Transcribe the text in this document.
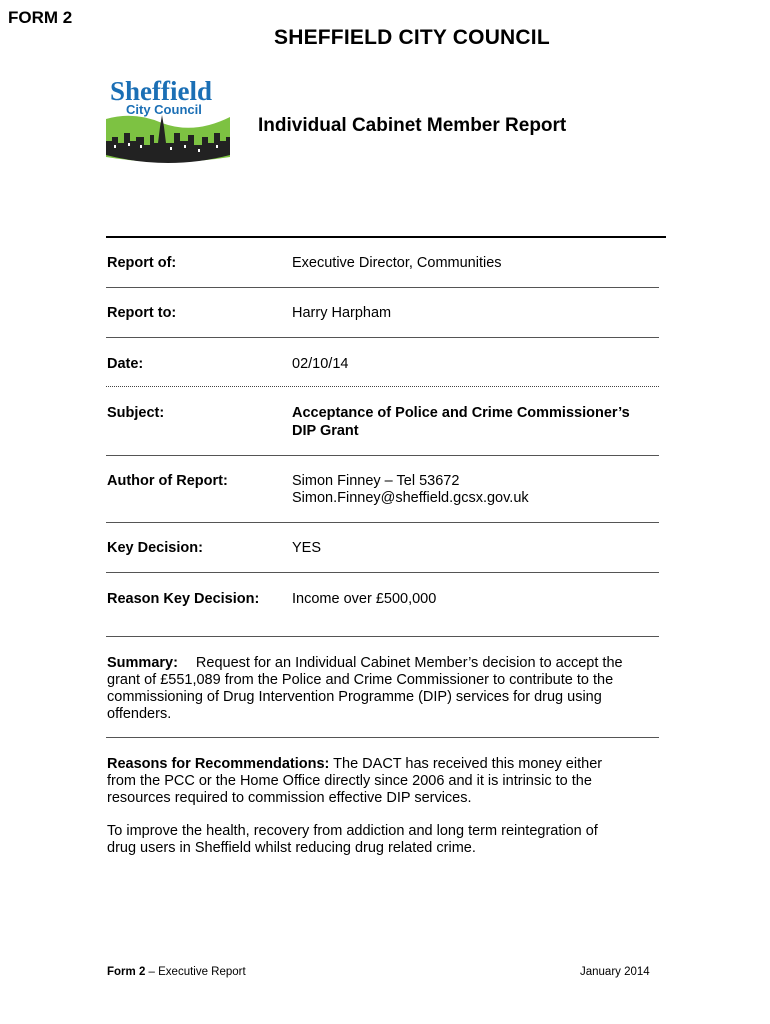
FORM 2
SHEFFIELD CITY COUNCIL
Sheffield
City Council
Individual Cabinet Member Report
Report of:	Executive Director, Communities
Report to:	Harry Harpham
Date:	02/10/14
Subject:	Acceptance of Police and Crime Commissioner’s
DIP Grant
Author of Report:	Simon Finney – Tel 53672
Simon.Finney@sheffield.gcsx.gov.uk
Key Decision:	YES
Reason Key Decision: Income over £500,000
Summary: Request for an Individual Cabinet Member’s decision to accept the
grant of £551,089 from the Police and Crime Commissioner to contribute to the
commissioning of Drug Intervention Programme (DIP) services for drug using
offenders.
Reasons for Recommendations: The DACT has received this money either
from the PCC or the Home Office directly since 2006 and it is intrinsic to the
resources required to commission effective DIP services.
To improve the health, recovery from addiction and long term reintegration of
drug users in Sheffield whilst reducing drug related crime.
Form 2 – Executive Report	January 2014
